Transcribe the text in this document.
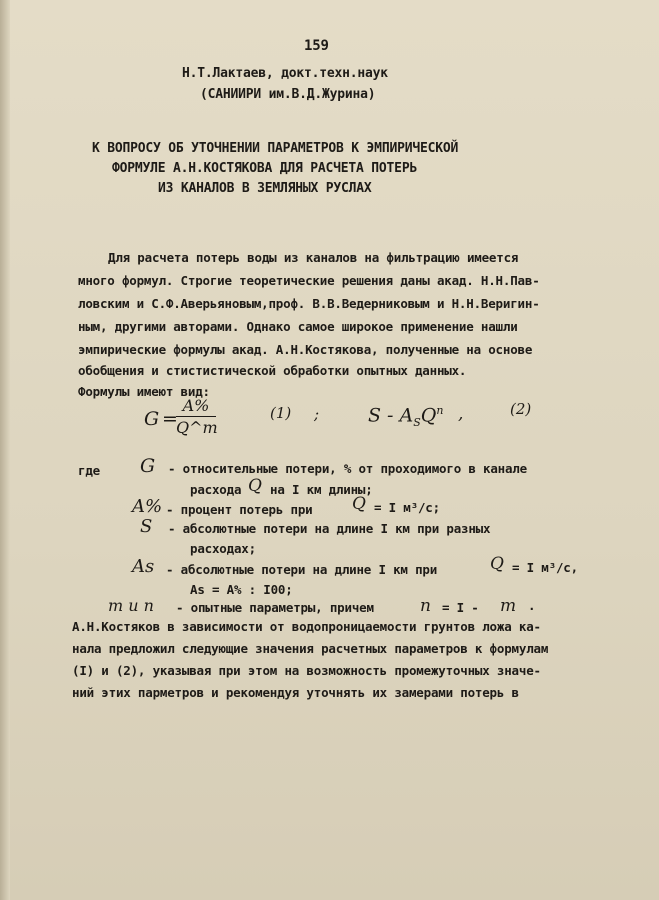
159
Н.Т.Лактаев, докт.техн.наук
(САНИИРИ им.В.Д.Журина)
К ВОПРОСУ ОБ УТОЧНЕНИИ ПАРАМЕТРОВ К ЭМПИРИЧЕСКОЙ
ФОРМУЛЕ А.Н.КОСТЯКОВА ДЛЯ РАСЧЕТА ПОТЕРЬ
ИЗ КАНАЛОВ В ЗЕМЛЯНЫХ РУСЛАХ
Для расчета потерь воды из каналов на фильтрацию имеется
много формул. Строгие теоретические решения даны акад. Н.Н.Пав-
ловским и С.Ф.Аверьяновым,проф. В.В.Ведерниковым и Н.Н.Веригин-
ным, другими авторами. Однако самое широкое применение нашли
эмпирические формулы акад. А.Н.Костякова, полученные на основе
обобщения и стистистической обработки опытных данных.
Формулы имеют вид:
G =
A%
Q^m
(1) ;	S - $A_SQ^n$ ,	(2)
где G - относительные потери, % от проходимого в канале
расхода Q на I км длины;
A% - процент потерь при Q = I м³/с;
S - абсолютные потери на длине I км при разных
расходах;
As - абсолютные потери на длине I км при	Q = I м³/с,
As = A% : I00;
m и n - опытные параметры, причем	n = I - m .
А.Н.Костяков в зависимости от водопроницаемости грунтов ложа ка-
нала предложил следующие значения расчетных параметров к формулам
(I) и (2), указывая при этом на возможность промежуточных значе-
ний этих парметров и рекомендуя уточнять их замерами потерь в
